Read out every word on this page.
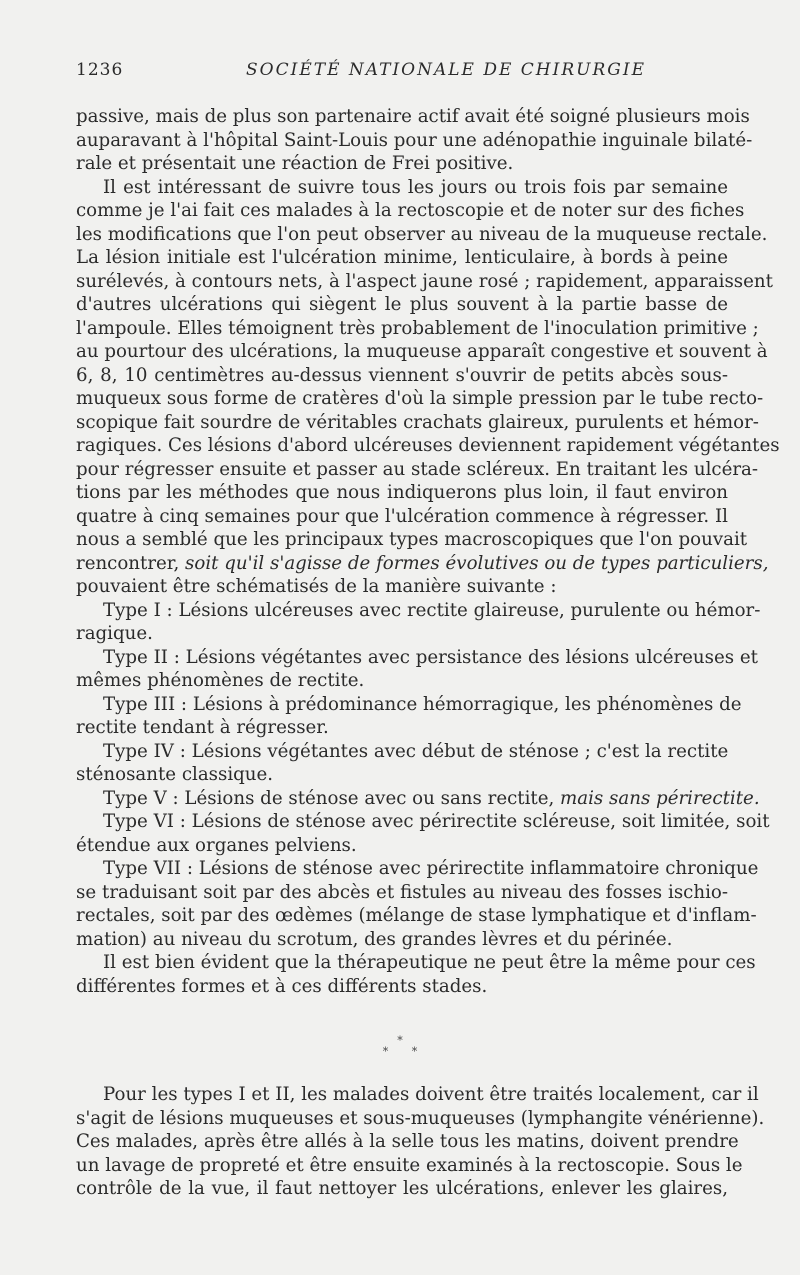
1236	SOCIÉTÉ NATIONALE DE CHIRURGIE
passive, mais de plus son partenaire actif avait été soigné plusieurs mois
auparavant à l'hôpital Saint-Louis pour une adénopathie inguinale bilaté-
rale et présentait une réaction de Frei positive.
Il est intéressant de suivre tous les jours ou trois fois par semaine
comme je l'ai fait ces malades à la rectoscopie et de noter sur des fiches
les modifications que l'on peut observer au niveau de la muqueuse rectale.
La lésion initiale est l'ulcération minime, lenticulaire, à bords à peine
surélevés, à contours nets, à l'aspect jaune rosé ; rapidement, apparaissent
d'autres ulcérations qui siègent le plus souvent à la partie basse de
l'ampoule. Elles témoignent très probablement de l'inoculation primitive ;
au pourtour des ulcérations, la muqueuse apparaît congestive et souvent à
6, 8, 10 centimètres au-dessus viennent s'ouvrir de petits abcès sous-
muqueux sous forme de cratères d'où la simple pression par le tube recto-
scopique fait sourdre de véritables crachats glaireux, purulents et hémor-
ragiques. Ces lésions d'abord ulcéreuses deviennent rapidement végétantes
pour régresser ensuite et passer au stade scléreux. En traitant les ulcéra-
tions par les méthodes que nous indiquerons plus loin, il faut environ
quatre à cinq semaines pour que l'ulcération commence à régresser. Il
nous a semblé que les principaux types macroscopiques que l'on pouvait
rencontrer, soit qu'il s'agisse de formes évolutives ou de types particuliers,
pouvaient être schématisés de la manière suivante :
Type I : Lésions ulcéreuses avec rectite glaireuse, purulente ou hémor-
ragique.
Type II : Lésions végétantes avec persistance des lésions ulcéreuses et
mêmes phénomènes de rectite.
Type III : Lésions à prédominance hémorragique, les phénomènes de
rectite tendant à régresser.
Type IV : Lésions végétantes avec début de sténose ; c'est la rectite
sténosante classique.
Type V : Lésions de sténose avec ou sans rectite, mais sans périrectite.
Type VI : Lésions de sténose avec périrectite scléreuse, soit limitée, soit
étendue aux organes pelviens.
Type VII : Lésions de sténose avec périrectite inflammatoire chronique
se traduisant soit par des abcès et fistules au niveau des fosses ischio-
rectales, soit par des œdèmes (mélange de stase lymphatique et d'inflam-
mation) au niveau du scrotum, des grandes lèvres et du périnée.
Il est bien évident que la thérapeutique ne peut être la même pour ces
différentes formes et à ces différents stades.
*
* *
Pour les types I et II, les malades doivent être traités localement, car il
s'agit de lésions muqueuses et sous-muqueuses (lymphangite vénérienne).
Ces malades, après être allés à la selle tous les matins, doivent prendre
un lavage de propreté et être ensuite examinés à la rectoscopie. Sous le
contrôle de la vue, il faut nettoyer les ulcérations, enlever les glaires,
